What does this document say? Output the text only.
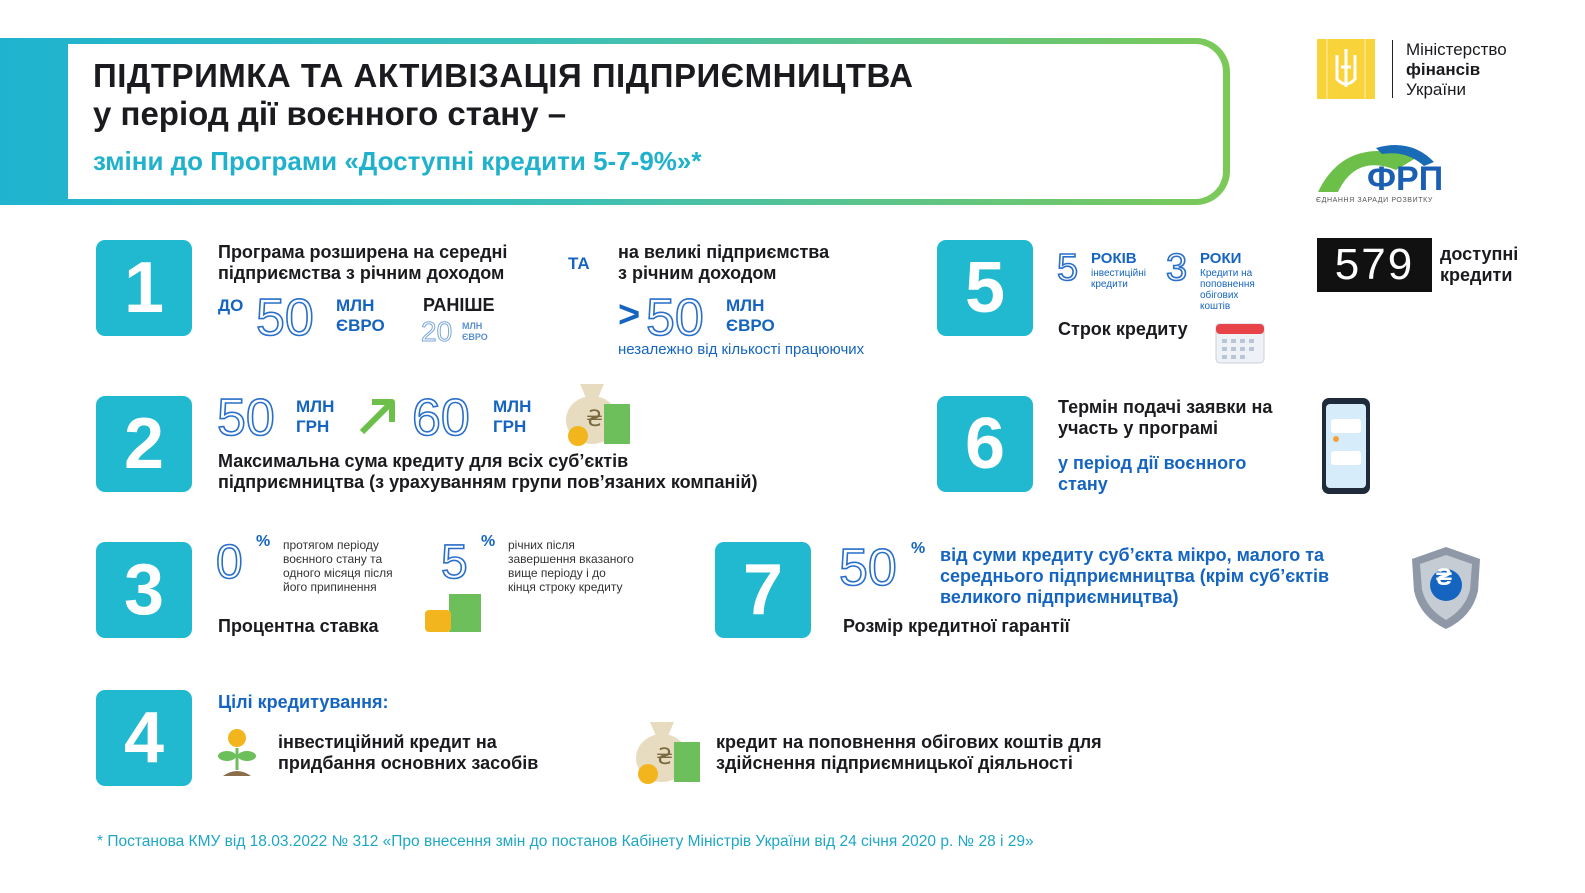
ПІДТРИМКА ТА АКТИВІЗАЦІЯ ПІДПРИЄМНИЦТВА
у період дії воєнного стану –
зміни до Програми «Доступні кредити 5-7-9%»*
Міністерство
фінансів
України
ФРП
ЄДНАННЯ ЗАРАДИ РОЗВИТКУ
579	доступні
кредити
1	Програма розширена на середні
підприємства з річним доходом	ТА
на великі підприємства
з річним доходом
ДО 50 МЛН
ЄВРО
РАНІШЕ
20 МЛН
ЄВРО
> 50 МЛН
ЄВРО
незалежно від кількості працюючих
2	50 МЛН
ГРН 60 МЛН
ГРН	₴
Максимальна сума кредиту для всіх суб’єктів
підприємництва (з урахуванням групи пов’язаних компаній)
3	0 % протягом періоду
воєнного стану та
одного місяця після
його припинення	5 % річних після
завершення вказаного
вище періоду і до
кінця строку кредиту
Процентна ставка
4	Цілі кредитування:
інвестиційний кредит на
придбання основних засобів	₴
кредит на поповнення обігових коштів для
здійснення підприємницької діяльності
5	5 РОКІВ
інвестиційні
кредити	3 РОКИ
Кредити на
поповнення
обігових
коштів
Строк кредиту
6	Термін подачі заявки на
участь у програмі
у період дії воєнного
стану
7	50 % від суми кредиту суб’єкта мікро, малого та
середнього підприємництва (крім суб’єктів
великого підприємництва)
Розмір кредитної гарантії
₴
* Постанова КМУ від 18.03.2022 № 312 «Про внесення змін до постанов Кабінету Міністрів України від 24 січня 2020 р. № 28 і 29»
